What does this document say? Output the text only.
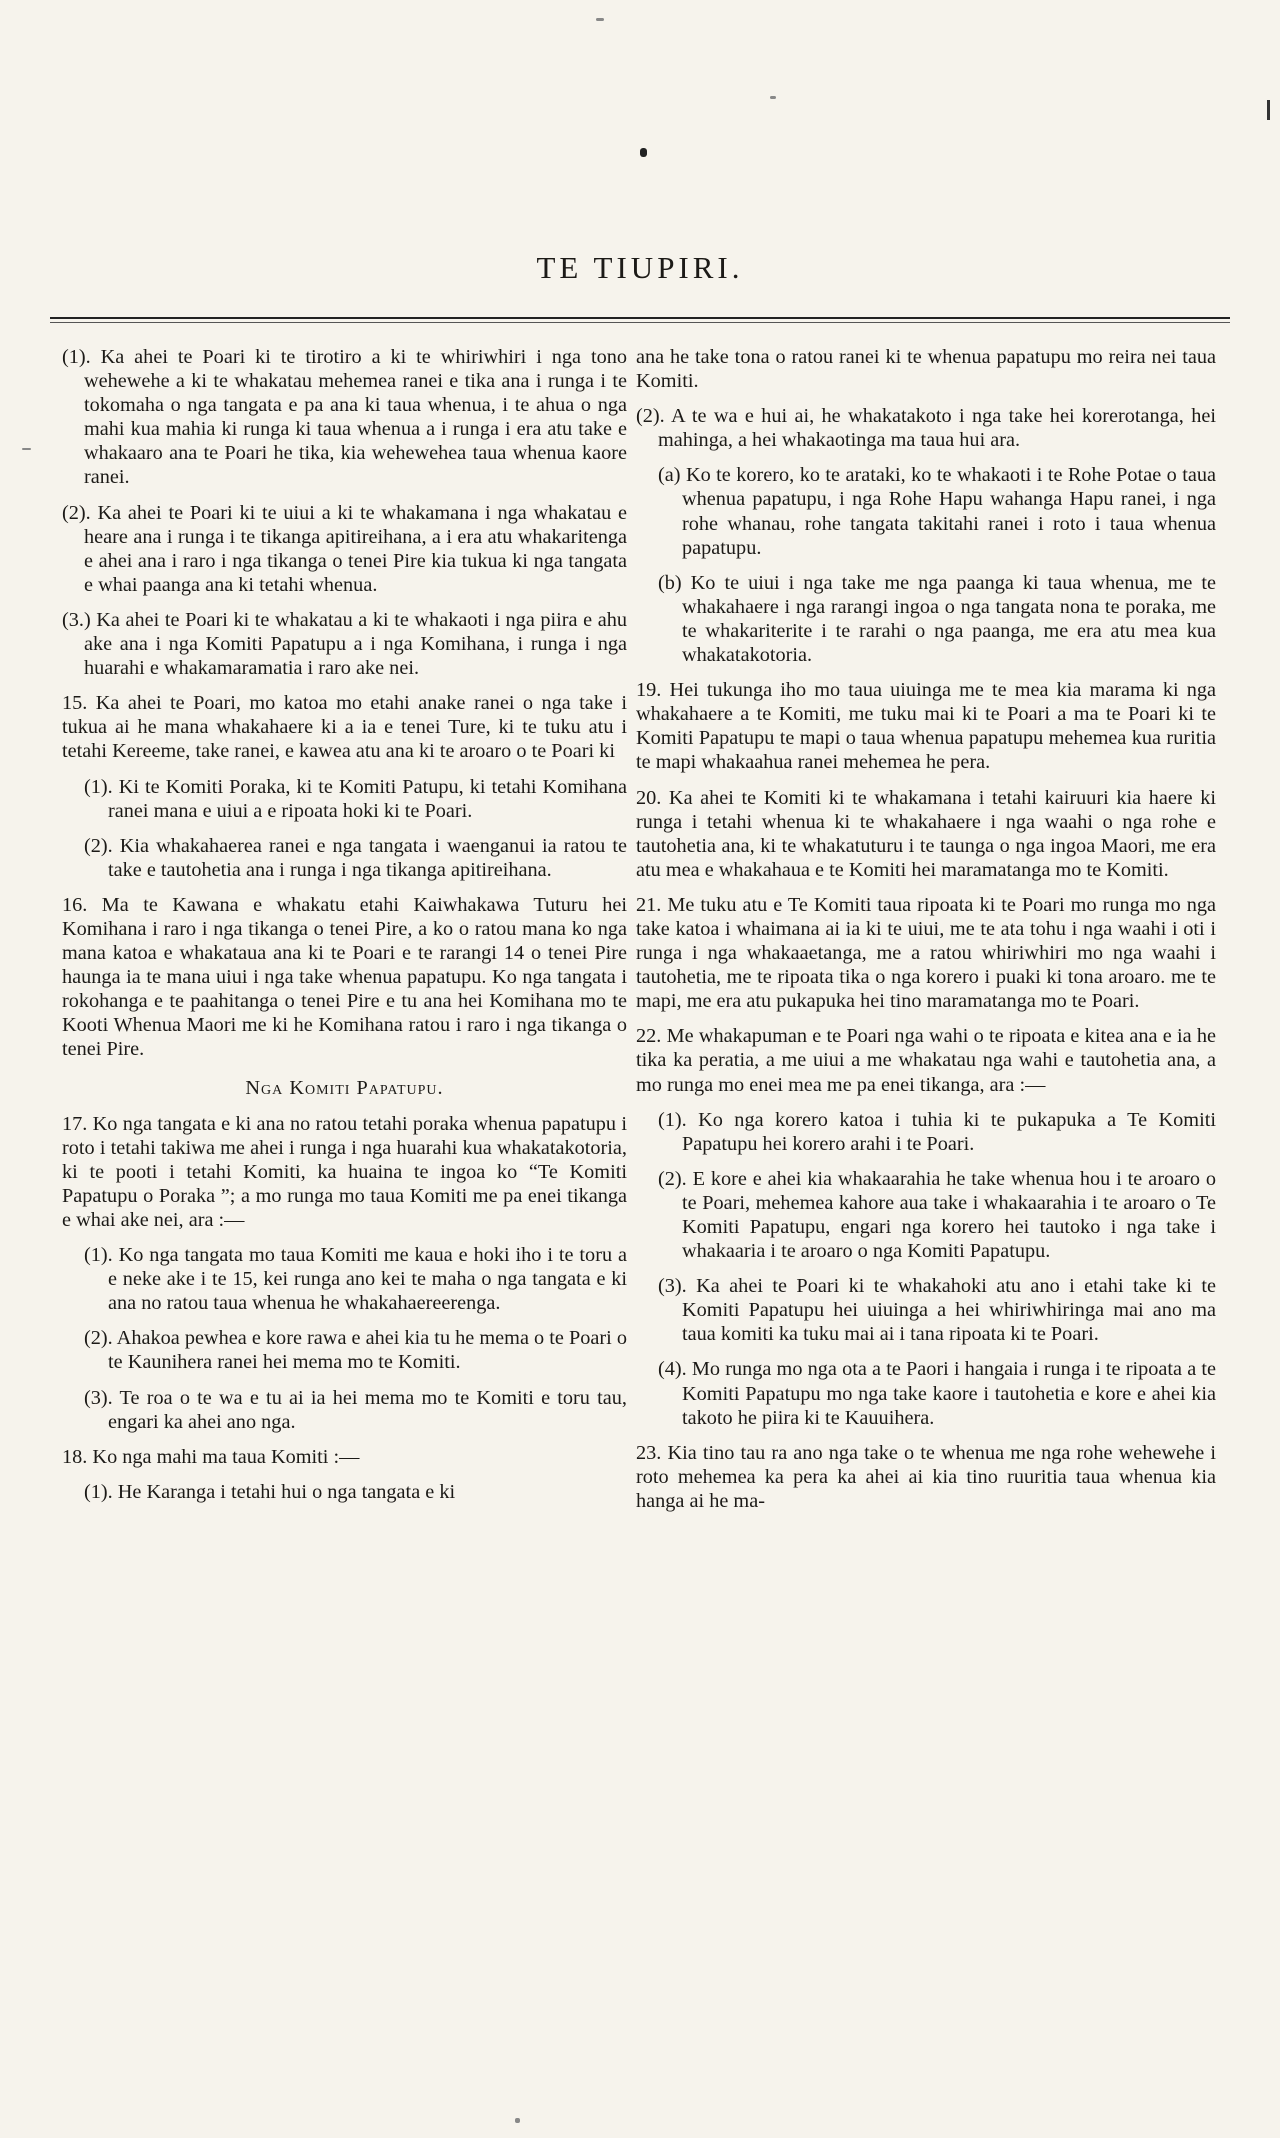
TE TIUPIRI.

(1). Ka ahei te Poari ki te tirotiro a ki te whiriwhiri i nga tono wehewehe a ki te whakatau mehemea ranei e tika ana i runga i te tokomaha o nga tangata e pa ana ki taua whenua, i te ahua o nga mahi kua mahia ki runga ki taua whenua a i runga i era atu take e whakaaro ana te Poari he tika, kia wehewehea taua whenua kaore ranei.

(2). Ka ahei te Poari ki te uiui a ki te whakamana i nga whakatau e heare ana i runga i te tikanga apitireihana, a i era atu whakaritenga e ahei ana i raro i nga tikanga o tenei Pire kia tukua ki nga tangata e whai paanga ana ki tetahi whenua.

(3.) Ka ahei te Poari ki te whakatau a ki te whakaoti i nga piira e ahu ake ana i nga Komiti Papatupu a i nga Komihana, i runga i nga huarahi e whakamaramatia i raro ake nei.

15. Ka ahei te Poari, mo katoa mo etahi anake ranei o nga take i tukua ai he mana whakahaere ki a ia e tenei Ture, ki te tuku atu i tetahi Kereeme, take ranei, e kawea atu ana ki te aroaro o te Poari ki

(1). Ki te Komiti Poraka, ki te Komiti Patupu, ki tetahi Komihana ranei mana e uiui a e ripoata hoki ki te Poari.

(2). Kia whakahaerea ranei e nga tangata i waenganui ia ratou te take e tautohetia ana i runga i nga tikanga apitireihana.

16. Ma te Kawana e whakatu etahi Kaiwhakawa Tuturu hei Komihana i raro i nga tikanga o tenei Pire, a ko o ratou mana ko nga mana katoa e whakataua ana ki te Poari e te rarangi 14 o tenei Pire haunga ia te mana uiui i nga take whenua papatupu. Ko nga tangata i rokohanga e te paahitanga o tenei Pire e tu ana hei Komihana mo te Kooti Whenua Maori me ki he Komihana ratou i raro i nga tikanga o tenei Pire.

Nga Komiti Papatupu.

17. Ko nga tangata e ki ana no ratou tetahi poraka whenua papatupu i roto i tetahi takiwa me ahei i runga i nga huarahi kua whakatakotoria, ki te pooti i tetahi Komiti, ka huaina te ingoa ko “Te Komiti Papatupu o Poraka ”; a mo runga mo taua Komiti me pa enei tikanga e whai ake nei, ara :—

(1). Ko nga tangata mo taua Komiti me kaua e hoki iho i te toru a e neke ake i te 15, kei runga ano kei te maha o nga tangata e ki ana no ratou taua whenua he whakahaereerenga.

(2). Ahakoa pewhea e kore rawa e ahei kia tu he mema o te Poari o te Kaunihera ranei hei mema mo te Komiti.

(3). Te roa o te wa e tu ai ia hei mema mo te Komiti e toru tau, engari ka ahei ano nga.

18. Ko nga mahi ma taua Komiti :—

(1). He Karanga i tetahi hui o nga tangata e ki

ana he take tona o ratou ranei ki te whenua papatupu mo reira nei taua Komiti.

(2). A te wa e hui ai, he whakatakoto i nga take hei korerotanga, hei mahinga, a hei whakaotinga ma taua hui ara.

(a) Ko te korero, ko te arataki, ko te whakaoti i te Rohe Potae o taua whenua papatupu, i nga Rohe Hapu wahanga Hapu ranei, i nga rohe whanau, rohe tangata takitahi ranei i roto i taua whenua papatupu.

(b) Ko te uiui i nga take me nga paanga ki taua whenua, me te whakahaere i nga rarangi ingoa o nga tangata nona te poraka, me te whakariterite i te rarahi o nga paanga, me era atu mea kua whakatakotoria.

19. Hei tukunga iho mo taua uiuinga me te mea kia marama ki nga whakahaere a te Komiti, me tuku mai ki te Poari a ma te Poari ki te Komiti Papatupu te mapi o taua whenua papatupu mehemea kua ruritia te mapi whakaahua ranei mehemea he pera.

20. Ka ahei te Komiti ki te whakamana i tetahi kairuuri kia haere ki runga i tetahi whenua ki te whakahaere i nga waahi o nga rohe e tautohetia ana, ki te whakatuturu i te taunga o nga ingoa Maori, me era atu mea e whakahaua e te Komiti hei maramatanga mo te Komiti.

21. Me tuku atu e Te Komiti taua ripoata ki te Poari mo runga mo nga take katoa i whaimana ai ia ki te uiui, me te ata tohu i nga waahi i oti i runga i nga whakaaetanga, me a ratou whiriwhiri mo nga waahi i tautohetia, me te ripoata tika o nga korero i puaki ki tona aroaro. me te mapi, me era atu pukapuka hei tino maramatanga mo te Poari.

22. Me whakapuman e te Poari nga wahi o te ripoata e kitea ana e ia he tika ka peratia, a me uiui a me whakatau nga wahi e tautohetia ana, a mo runga mo enei mea me pa enei tikanga, ara :—

(1). Ko nga korero katoa i tuhia ki te pukapuka a Te Komiti Papatupu hei korero arahi i te Poari.

(2). E kore e ahei kia whakaarahia he take whenua hou i te aroaro o te Poari, mehemea kahore aua take i whakaarahia i te aroaro o Te Komiti Papatupu, engari nga korero hei tautoko i nga take i whakaaria i te aroaro o nga Komiti Papatupu.

(3). Ka ahei te Poari ki te whakahoki atu ano i etahi take ki te Komiti Papatupu hei uiuinga a hei whiriwhiringa mai ano ma taua komiti ka tuku mai ai i tana ripoata ki te Poari.

(4). Mo runga mo nga ota a te Paori i hangaia i runga i te ripoata a te Komiti Papatupu mo nga take kaore i tautohetia e kore e ahei kia takoto he piira ki te Kauuihera.

23. Kia tino tau ra ano nga take o te whenua me nga rohe wehewehe i roto mehemea ka pera ka ahei ai kia tino ruuritia taua whenua kia hanga ai he ma-
